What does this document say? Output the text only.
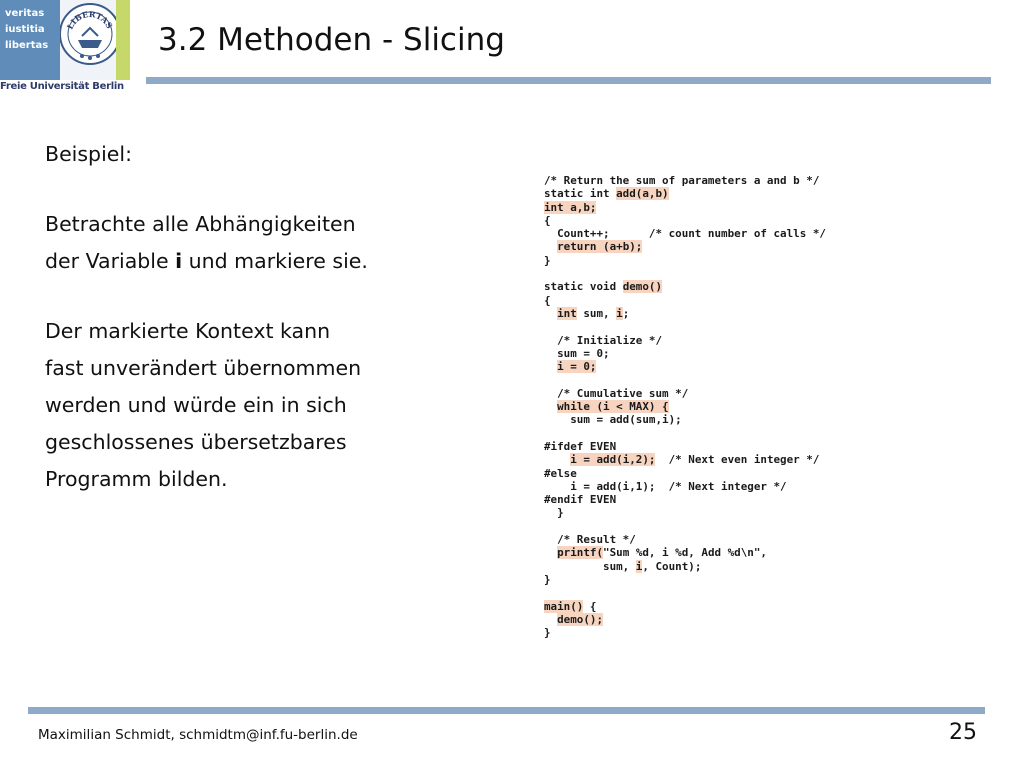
veritas
iustitia
libertas
LIBERTAS
Freie Universität Berlin
3.2 Methoden - Slicing

Beispiel:

Betrachte alle Abhängigkeiten

der Variable i und markiere sie.

Der markierte Kontext kann

fast unverändert übernommen

werden und würde ein in sich

geschlossenes übersetzbares

Programm bilden.

/* Return the sum of parameters a and b */
static int add(a,b)
int a,b;
{
Count++;      /* count number of calls */
return (a+b);
}

static void demo()
{
int sum, i;

/* Initialize */
sum = 0;
i = 0;

/* Cumulative sum */
while (i < MAX) {
sum = add(sum,i);

#ifdef EVEN
i = add(i,2);  /* Next even integer */
#else
i = add(i,1);  /* Next integer */
#endif EVEN
}

/* Result */
printf("Sum %d, i %d, Add %d\n",
sum, i, Count);
}

main() {
demo();
}
Maximilian Schmidt, schmidtm@inf.fu-berlin.de	25
